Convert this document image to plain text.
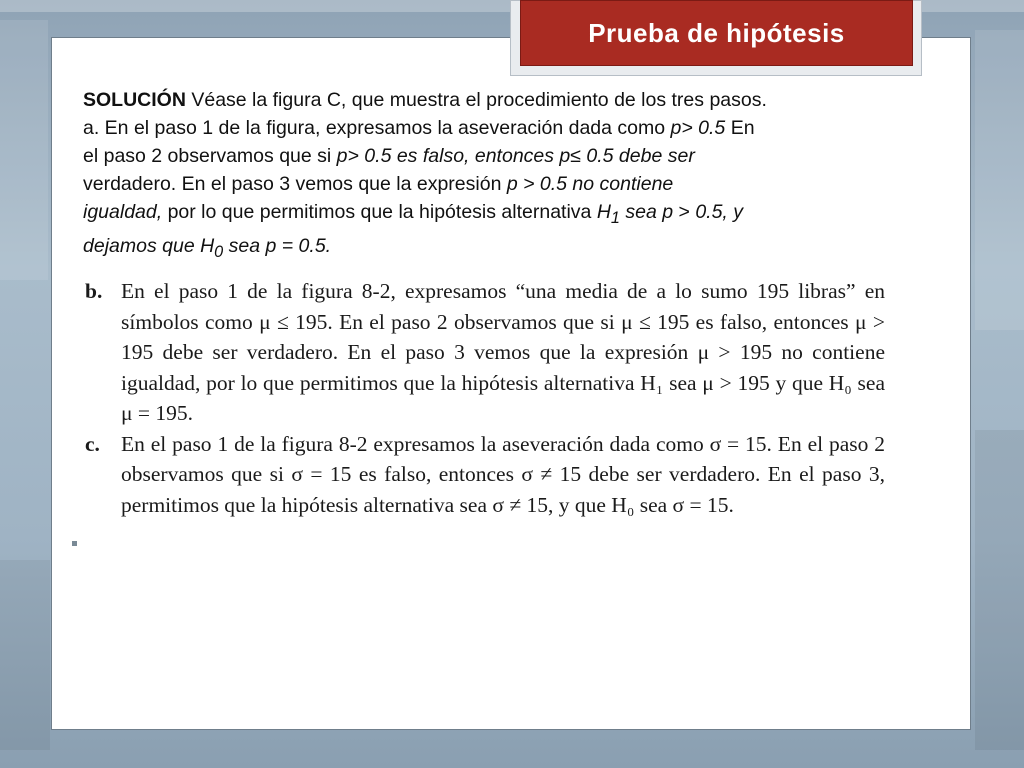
Prueba de hipótesis
SOLUCIÓN Véase la figura C, que muestra el procedimiento de los tres pasos.
a. En el paso 1 de la figura, expresamos la aseveración dada como p> 0.5 En
el paso 2 observamos que si p> 0.5 es falso, entonces p≤ 0.5 debe ser
verdadero. En el paso 3 vemos que la expresión p > 0.5 no contiene
igualdad, por lo que permitimos que la hipótesis alternativa $H_1$ sea p > 0.5, y
dejamos que $H_0$ sea p = 0.5.
b. En el paso 1 de la figura 8-2, expresamos “una media de a lo sumo 195 libras” en símbolos como μ ≤ 195. En el paso 2 observamos que si μ ≤ 195 es falso, entonces μ > 195 debe ser verdadero. En el paso 3 vemos que la expresión μ > 195 no contiene igualdad, por lo que permitimos que la hipótesis alternativa H₁ sea μ > 195 y que H₀ sea μ = 195.
c. En el paso 1 de la figura 8-2 expresamos la aseveración dada como σ = 15. En el paso 2 observamos que si σ = 15 es falso, entonces σ ≠ 15 debe ser verdadero. En el paso 3, permitimos que la hipótesis alternativa sea σ ≠ 15, y que H₀ sea σ = 15.
